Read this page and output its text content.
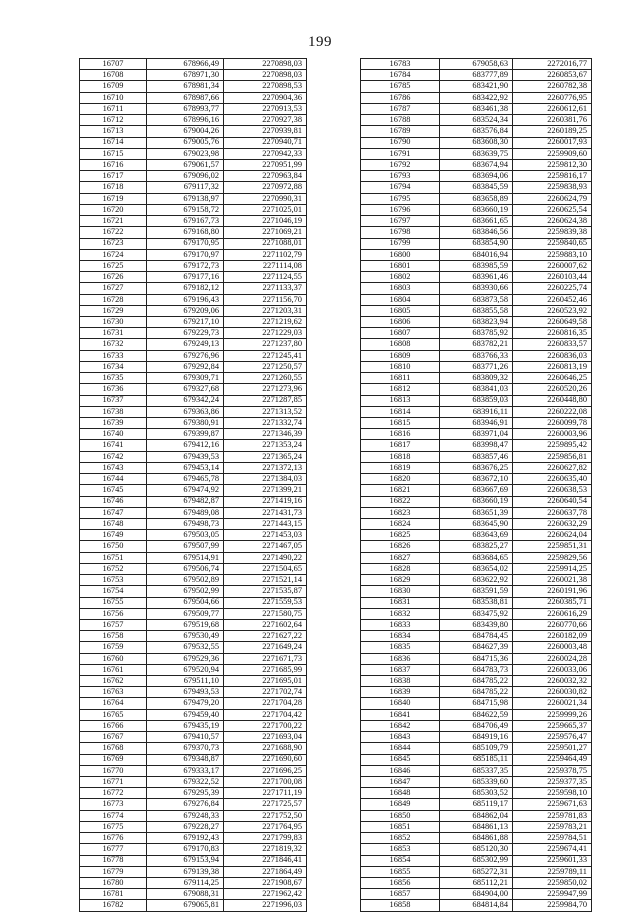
199
16707	678966,49	2270898,03
16708	678971,30	2270898,03
16709	678981,34	2270898,53
16710	678987,66	2270904,36
16711	678993,77	2270913,53
16712	678996,16	2270927,38
16713	679004,26	2270939,81
16714	679005,76	2270940,71
16715	679023,98	2270942,33
16716	679061,57	2270951,99
16717	679096,02	2270963,84
16718	679117,32	2270972,88
16719	679138,97	2270990,31
16720	679158,72	2271025,01
16721	679167,73	2271046,19
16722	679168,80	2271069,21
16723	679170,95	2271088,01
16724	679170,97	2271102,79
16725	679172,73	2271114,08
16726	679177,16	2271124,55
16727	679182,12	2271133,37
16728	679196,43	2271156,70
16729	679209,06	2271203,31
16730	679217,10	2271219,62
16731	679229,73	2271229,03
16732	679249,13	2271237,80
16733	679276,96	2271245,41
16734	679292,84	2271250,57
16735	679309,71	2271260,55
16736	679327,68	2271273,96
16737	679342,24	2271287,85
16738	679363,86	2271313,52
16739	679380,91	2271332,74
16740	679399,87	2271346,39
16741	679412,16	2271353,24
16742	679439,53	2271365,24
16743	679453,14	2271372,13
16744	679465,78	2271384,03
16745	679474,92	2271399,21
16746	679482,87	2271419,16
16747	679489,08	2271431,73
16748	679498,73	2271443,15
16749	679503,05	2271453,03
16750	679507,99	2271467,05
16751	679514,91	2271490,22
16752	679506,74	2271504,65
16753	679502,89	2271521,14
16754	679502,99	2271535,87
16755	679504,66	2271559,53
16756	679509,77	2271580,75
16757	679519,68	2271602,64
16758	679530,49	2271627,22
16759	679532,55	2271649,24
16760	679529,36	2271671,73
16761	679520,94	2271685,99
16762	679511,10	2271695,01
16763	679493,53	2271702,74
16764	679479,20	2271704,28
16765	679459,40	2271704,42
16766	679435,19	2271700,22
16767	679410,57	2271693,04
16768	679370,73	2271688,90
16769	679348,87	2271690,60
16770	679333,17	2271696,25
16771	679322,52	2271700,08
16772	679295,39	2271711,19
16773	679276,84	2271725,57
16774	679248,33	2271752,50
16775	679228,27	2271764,95
16776	679192,43	2271799,83
16777	679170,83	2271819,32
16778	679153,94	2271846,41
16779	679139,38	2271864,49
16780	679114,25	2271908,67
16781	679088,31	2271962,42
16782	679065,81	2271996,03
16783	679058,63	2272016,77
16784	683777,89	2260853,67
16785	683421,90	2260782,38
16786	683422,92	2260776,95
16787	683461,38	2260612,61
16788	683524,34	2260381,76
16789	683576,84	2260189,25
16790	683608,30	2260017,93
16791	683639,75	2259909,60
16792	683674,94	2259812,30
16793	683694,06	2259816,17
16794	683845,59	2259838,93
16795	683658,89	2260624,79
16796	683660,19	2260625,54
16797	683661,65	2260624,38
16798	683846,56	2259839,38
16799	683854,90	2259840,65
16800	684016,94	2259883,10
16801	683985,59	2260007,62
16802	683961,46	2260103,44
16803	683930,66	2260225,74
16804	683873,58	2260452,46
16805	683855,58	2260523,92
16806	683823,94	2260649,58
16807	683785,92	2260816,35
16808	683782,21	2260833,57
16809	683766,33	2260836,03
16810	683771,26	2260813,19
16811	683809,32	2260646,25
16812	683841,03	2260520,26
16813	683859,03	2260448,80
16814	683916,11	2260222,08
16815	683946,91	2260099,78
16816	683971,04	2260003,96
16817	683998,47	2259895,42
16818	683857,46	2259856,81
16819	683676,25	2260627,82
16820	683672,10	2260635,40
16821	683667,69	2260638,53
16822	683660,19	2260640,54
16823	683651,39	2260637,78
16824	683645,90	2260632,29
16825	683643,69	2260624,04
16826	683825,27	2259851,31
16827	683684,65	2259829,56
16828	683654,02	2259914,25
16829	683622,92	2260021,38
16830	683591,59	2260191,96
16831	683538,81	2260385,71
16832	683475,92	2260616,29
16833	683439,80	2260770,66
16834	684784,45	2260182,09
16835	684627,39	2260003,48
16836	684715,36	2260024,28
16837	684783,73	2260033,06
16838	684785,22	2260032,32
16839	684785,22	2260030,82
16840	684715,98	2260021,34
16841	684622,59	2259999,26
16842	684706,49	2259665,37
16843	684919,16	2259576,47
16844	685109,79	2259501,27
16845	685185,11	2259464,49
16846	685337,35	2259378,75
16847	685339,60	2259377,35
16848	685303,52	2259598,10
16849	685119,17	2259671,63
16850	684862,04	2259781,83
16851	684861,13	2259783,21
16852	684861,88	2259784,51
16853	685120,30	2259674,41
16854	685302,99	2259601,33
16855	685272,31	2259789,11
16856	685112,21	2259850,02
16857	684904,00	2259947,99
16858	684814,84	2259984,70
